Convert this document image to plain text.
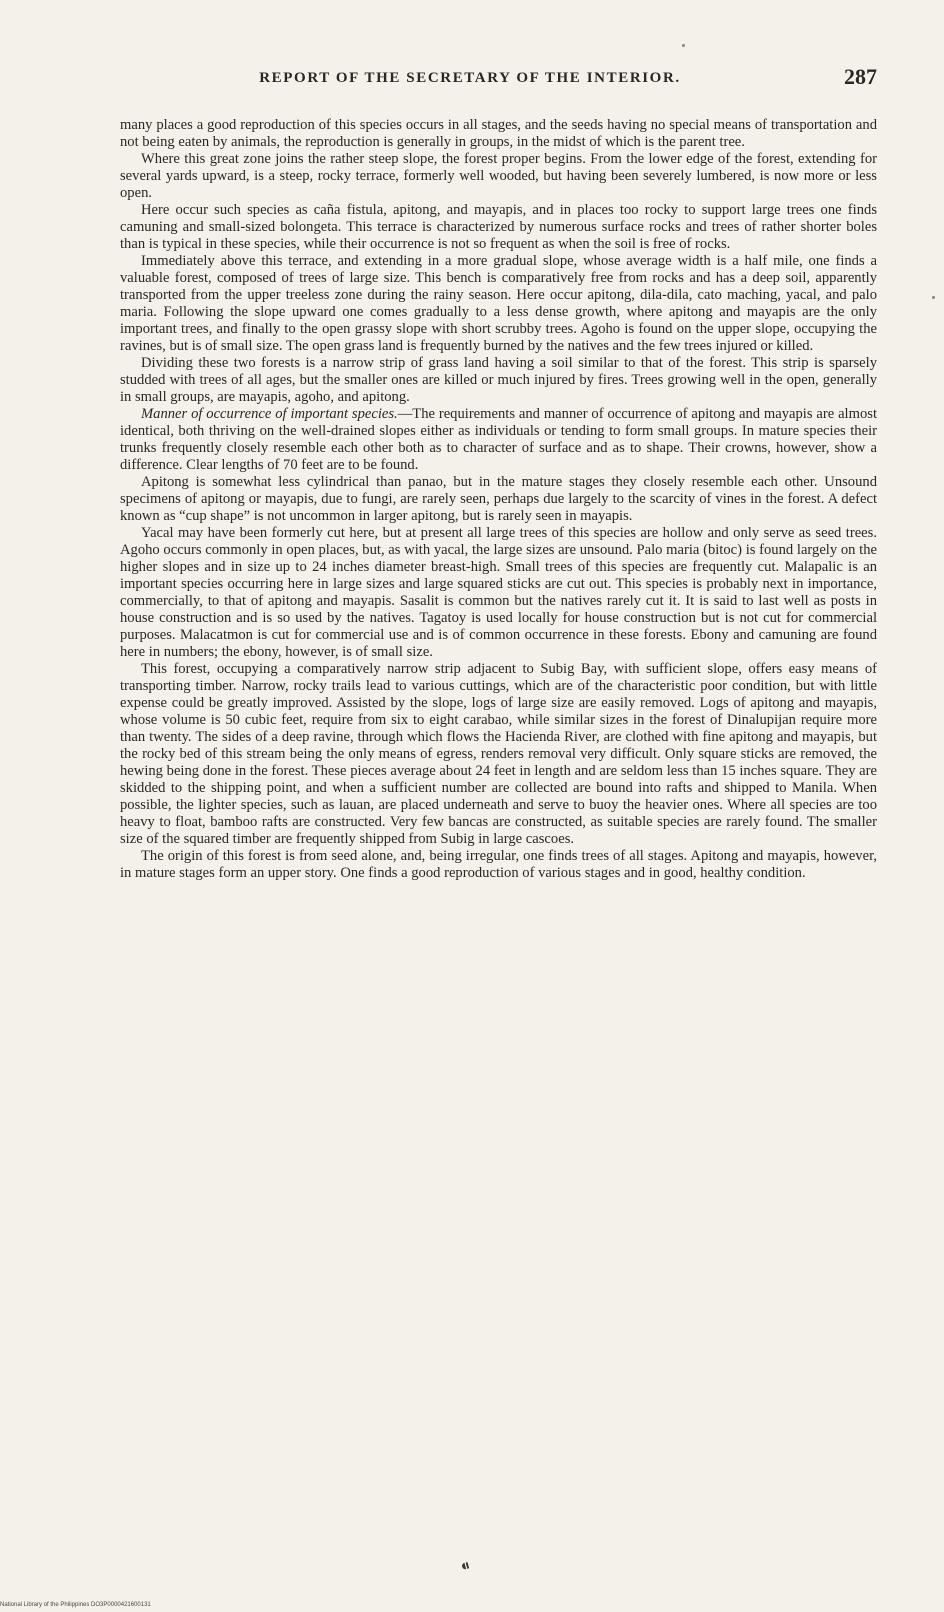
REPORT OF THE SECRETARY OF THE INTERIOR.	287

many places a good reproduction of this species occurs in all stages, and the seeds having no special means of transportation and not being eaten by animals, the reproduction is generally in groups, in the midst of which is the parent tree.

Where this great zone joins the rather steep slope, the forest proper begins. From the lower edge of the forest, extending for several yards upward, is a steep, rocky terrace, formerly well wooded, but having been severely lumbered, is now more or less open.

Here occur such species as caña fistula, apitong, and mayapis, and in places too rocky to support large trees one finds camuning and small-sized bolongeta. This terrace is characterized by numerous surface rocks and trees of rather shorter boles than is typical in these species, while their occurrence is not so frequent as when the soil is free of rocks.

Immediately above this terrace, and extending in a more gradual slope, whose average width is a half mile, one finds a valuable forest, composed of trees of large size. This bench is comparatively free from rocks and has a deep soil, apparently transported from the upper treeless zone during the rainy season. Here occur apitong, dila-dila, cato maching, yacal, and palo maria. Following the slope upward one comes gradually to a less dense growth, where apitong and mayapis are the only important trees, and finally to the open grassy slope with short scrubby trees. Agoho is found on the upper slope, occupying the ravines, but is of small size. The open grass land is frequently burned by the natives and the few trees injured or killed.

Dividing these two forests is a narrow strip of grass land having a soil similar to that of the forest. This strip is sparsely studded with trees of all ages, but the smaller ones are killed or much injured by fires. Trees growing well in the open, generally in small groups, are mayapis, agoho, and apitong.

Manner of occurrence of important species.—The requirements and manner of occurrence of apitong and mayapis are almost identical, both thriving on the well-drained slopes either as individuals or tending to form small groups. In mature species their trunks frequently closely resemble each other both as to character of surface and as to shape. Their crowns, however, show a difference. Clear lengths of 70 feet are to be found.

Apitong is somewhat less cylindrical than panao, but in the mature stages they closely resemble each other. Unsound specimens of apitong or mayapis, due to fungi, are rarely seen, perhaps due largely to the scarcity of vines in the forest. A defect known as “cup shape” is not uncommon in larger apitong, but is rarely seen in mayapis.

Yacal may have been formerly cut here, but at present all large trees of this species are hollow and only serve as seed trees. Agoho occurs commonly in open places, but, as with yacal, the large sizes are unsound. Palo maria (bitoc) is found largely on the higher slopes and in size up to 24 inches diameter breast-high. Small trees of this species are frequently cut. Malapalic is an important species occurring here in large sizes and large squared sticks are cut out. This species is probably next in importance, commercially, to that of apitong and mayapis. Sasalit is common but the natives rarely cut it. It is said to last well as posts in house construction and is so used by the natives. Tagatoy is used locally for house construction but is not cut for commercial purposes. Malacatmon is cut for commercial use and is of common occurrence in these forests. Ebony and camuning are found here in numbers; the ebony, however, is of small size.

This forest, occupying a comparatively narrow strip adjacent to Subig Bay, with sufficient slope, offers easy means of transporting timber. Narrow, rocky trails lead to various cuttings, which are of the characteristic poor condition, but with little expense could be greatly improved. Assisted by the slope, logs of large size are easily removed. Logs of apitong and mayapis, whose volume is 50 cubic feet, require from six to eight carabao, while similar sizes in the forest of Dinalupijan require more than twenty. The sides of a deep ravine, through which flows the Hacienda River, are clothed with fine apitong and mayapis, but the rocky bed of this stream being the only means of egress, renders removal very difficult. Only square sticks are removed, the hewing being done in the forest. These pieces average about 24 feet in length and are seldom less than 15 inches square. They are skidded to the shipping point, and when a sufficient number are collected are bound into rafts and shipped to Manila. When possible, the lighter species, such as lauan, are placed underneath and serve to buoy the heavier ones. Where all species are too heavy to float, bamboo rafts are constructed. Very few bancas are constructed, as suitable species are rarely found. The smaller size of the squared timber are frequently shipped from Subig in large cascoes.

The origin of this forest is from seed alone, and, being irregular, one finds trees of all stages. Apitong and mayapis, however, in mature stages form an upper story. One finds a good reproduction of various stages and in good, healthy condition.

⁌
National Library of the Philippines DO3P0000421600131
